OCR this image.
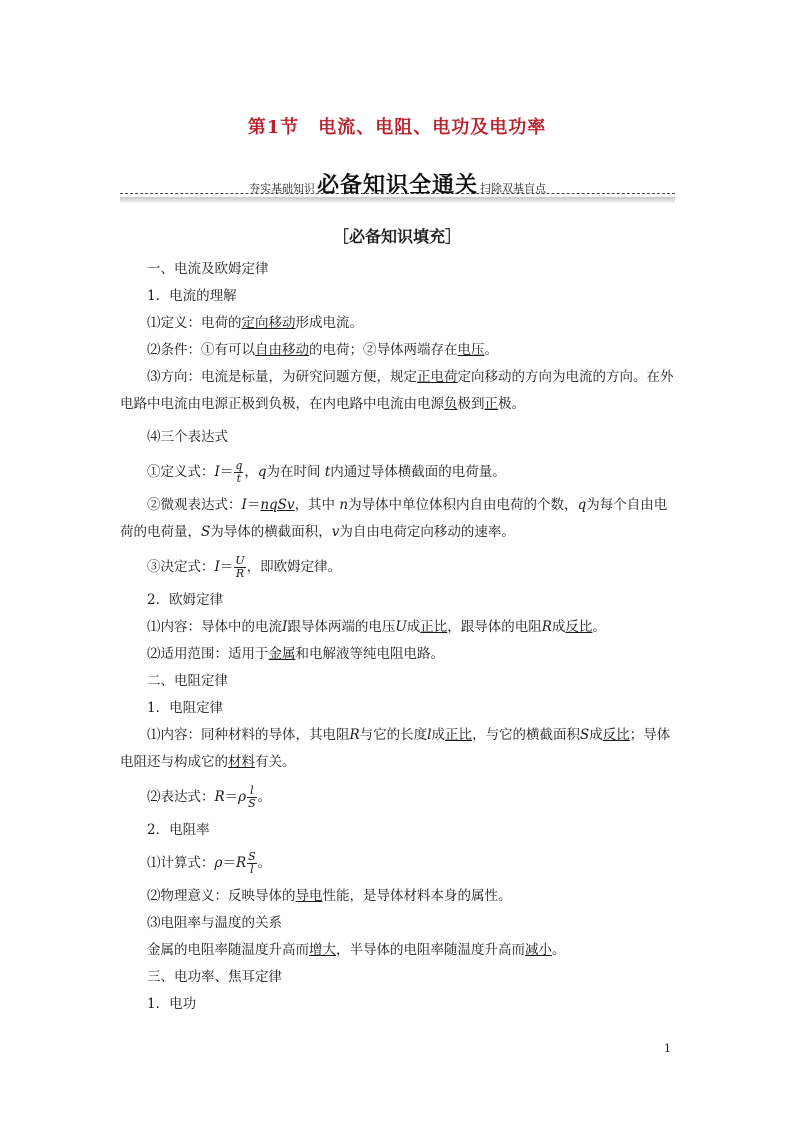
第1节　电流、电阻、电功及电功率
夯实基础知识必备知识全通关 扫除双基盲点
［必备知识填充］

一、电流及欧姆定律

1．电流的理解

⑴定义：电荷的定向移动形成电流。

⑵条件：①有可以自由移动的电荷；②导体两端存在电压。

⑶方向：电流是标量，为研究问题方便，规定正电荷定向移动的方向为电流的方向。在外电路中电流由电源正极到负极，在内电路中电流由电源负极到正极。

⑷三个表达式

①定义式：$I= \frac{q}{t}$ ，q为在时间 t内通过导体横截面的电荷量。

②微观表达式：I＝nqSv，其中 n为导体中单位体积内自由电荷的个数，q为每个自由电荷的电荷量，S为导体的横截面积，v为自由电荷定向移动的速率。

③决定式：$I= \frac{U}{R}$ ，即欧姆定律。

2．欧姆定律

⑴内容：导体中的电流I跟导体两端的电压U成正比，跟导体的电阻R成反比。

⑵适用范围：适用于金属和电解液等纯电阻电路。

二、电阻定律

1．电阻定律

⑴内容：同种材料的导体，其电阻R与它的长度l成正比，与它的横截面积S成反比；导体电阻还与构成它的材料有关。

⑵表达式：$R=\rho \frac{l}{S}$ 。

2．电阻率

⑴计算式：$\rho=R \frac{S}{l}$ 。

⑵物理意义：反映导体的导电性能，是导体材料本身的属性。

⑶电阻率与温度的关系

金属的电阻率随温度升高而增大，半导体的电阻率随温度升高而减小。

三、电功率、焦耳定律

1．电功

1
